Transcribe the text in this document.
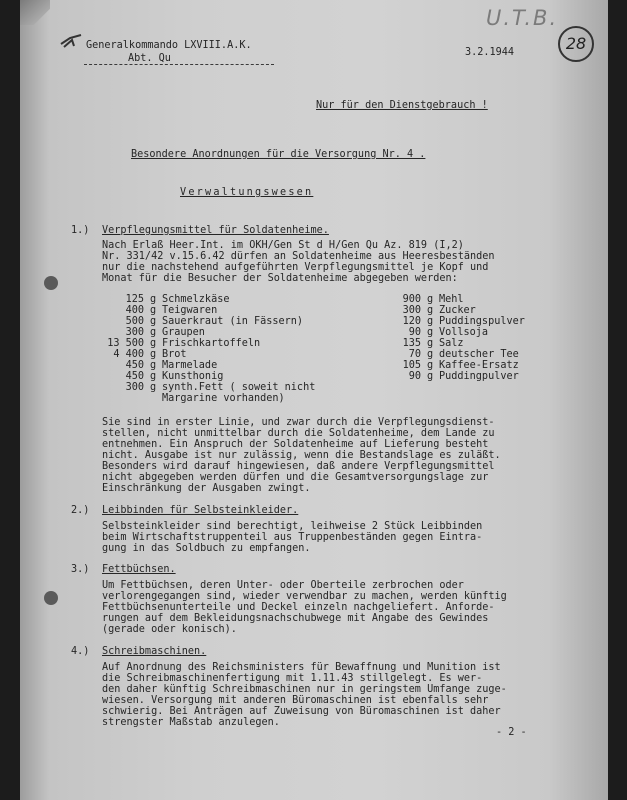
U.T.B.
28
Generalkommando LXVIII.A.K.
Abt. Qu
3.2.1944
Nur für den Dienstgebrauch !
Besondere Anordnungen für die Versorgung Nr. 4 .
Verwaltungswesen
1.) Verpflegungsmittel für Soldatenheime.
Nach Erlaß Heer.Int. im OKH/Gen St d H/Gen Qu Az. 819 (I,2)
Nr. 331/42 v.15.6.42 dürfen an Soldatenheime aus Heeresbeständen
nur die nachstehend aufgeführten Verpflegungsmittel je Kopf und
Monat für die Besucher der Soldatenheime abgegeben werden:
125 g Schmelzkäse
400 g Teigwaren
500 g Sauerkraut (in Fässern)
300 g Graupen
13 500 g Frischkartoffeln
4 400 g Brot
450 g Marmelade
450 g Kunsthonig
300 g synth.Fett ( soweit nicht
Margarine vorhanden)
900 g Mehl
300 g Zucker
120 g Puddingspulver
90 g Vollsoja
135 g Salz
70 g deutscher Tee
105 g Kaffee-Ersatz
90 g Puddingpulver
Sie sind in erster Linie, und zwar durch die Verpflegungsdienst-
stellen, nicht unmittelbar durch die Soldatenheime, dem Lande zu
entnehmen. Ein Anspruch der Soldatenheime auf Lieferung besteht
nicht. Ausgabe ist nur zulässig, wenn die Bestandslage es zuläßt.
Besonders wird darauf hingewiesen, daß andere Verpflegungsmittel
nicht abgegeben werden dürfen und die Gesamtversorgungslage zur
Einschränkung der Ausgaben zwingt.
2.) Leibbinden für Selbsteinkleider.
Selbsteinkleider sind berechtigt, leihweise 2 Stück Leibbinden
beim Wirtschaftstruppenteil aus Truppenbeständen gegen Eintra-
gung in das Soldbuch zu empfangen.
3.) Fettbüchsen.
Um Fettbüchsen, deren Unter- oder Oberteile zerbrochen oder
verlorengegangen sind, wieder verwendbar zu machen, werden künftig
Fettbüchsenunterteile und Deckel einzeln nachgeliefert. Anforde-
rungen auf dem Bekleidungsnachschubwege mit Angabe des Gewindes
(gerade oder konisch).
4.) Schreibmaschinen.
Auf Anordnung des Reichsministers für Bewaffnung und Munition ist
die Schreibmaschinenfertigung mit 1.11.43 stillgelegt. Es wer-
den daher künftig Schreibmaschinen nur in geringstem Umfange zuge-
wiesen. Versorgung mit anderen Büromaschinen ist ebenfalls sehr
schwierig. Bei Anträgen auf Zuweisung von Büromaschinen ist daher
strengster Maßstab anzulegen.
- 2 -
